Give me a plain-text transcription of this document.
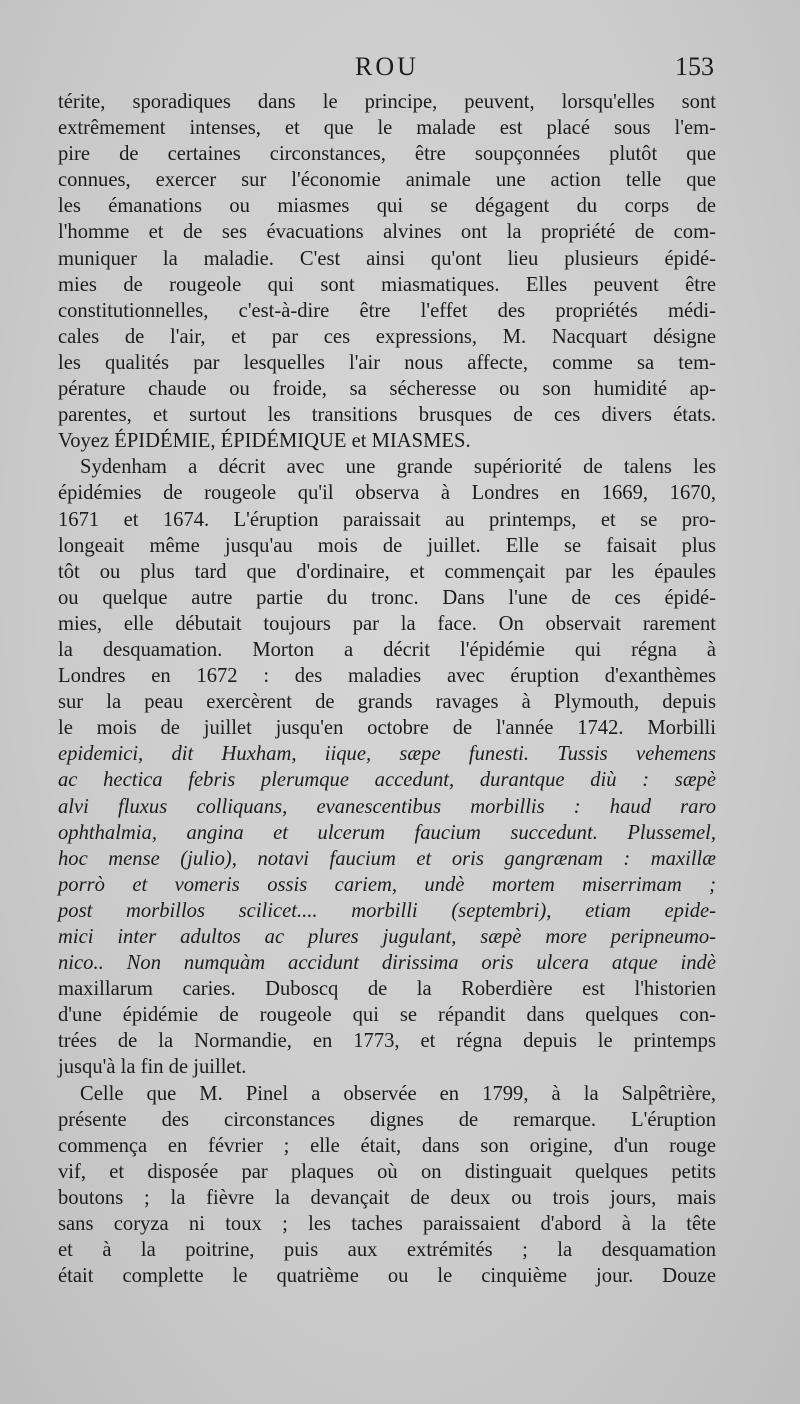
ROU	153
térite, sporadiques dans le principe, peuvent, lorsqu'elles sont
extrêmement intenses, et que le malade est placé sous l'em-
pire de certaines circonstances, être soupçonnées plutôt que
connues, exercer sur l'économie animale une action telle que
les émanations ou miasmes qui se dégagent du corps de
l'homme et de ses évacuations alvines ont la propriété de com-
muniquer la maladie. C'est ainsi qu'ont lieu plusieurs épidé-
mies de rougeole qui sont miasmatiques. Elles peuvent être
constitutionnelles, c'est-à-dire être l'effet des propriétés médi-
cales de l'air, et par ces expressions, M. Nacquart désigne
les qualités par lesquelles l'air nous affecte, comme sa tem-
pérature chaude ou froide, sa sécheresse ou son humidité ap-
parentes, et surtout les transitions brusques de ces divers états.
Voyez ÉPIDÉMIE, ÉPIDÉMIQUE et MIASMES.
Sydenham a décrit avec une grande supériorité de talens les
épidémies de rougeole qu'il observa à Londres en 1669, 1670,
1671 et 1674. L'éruption paraissait au printemps, et se pro-
longeait même jusqu'au mois de juillet. Elle se faisait plus
tôt ou plus tard que d'ordinaire, et commençait par les épaules
ou quelque autre partie du tronc. Dans l'une de ces épidé-
mies, elle débutait toujours par la face. On observait rarement
la desquamation. Morton a décrit l'épidémie qui régna à
Londres en 1672 : des maladies avec éruption d'exanthèmes
sur la peau exercèrent de grands ravages à Plymouth, depuis
le mois de juillet jusqu'en octobre de l'année 1742. Morbilli
epidemici, dit Huxham, iique, sæpe funesti. Tussis vehemens
ac hectica febris plerumque accedunt, durantque diù : sæpè
alvi fluxus colliquans, evanescentibus morbillis : haud raro
ophthalmia, angina et ulcerum faucium succedunt. Plussemel,
hoc mense (julio), notavi faucium et oris gangrænam : maxillæ
porrò et vomeris ossis cariem, undè mortem miserrimam ;
post morbillos scilicet.... morbilli (septembri), etiam epide-
mici inter adultos ac plures jugulant, sæpè more peripneumo-
nico.. Non numquàm accidunt dirissima oris ulcera atque indè
maxillarum caries. Duboscq de la Roberdière est l'historien
d'une épidémie de rougeole qui se répandit dans quelques con-
trées de la Normandie, en 1773, et régna depuis le printemps
jusqu'à la fin de juillet.
Celle que M. Pinel a observée en 1799, à la Salpêtrière,
présente des circonstances dignes de remarque. L'éruption
commença en février ; elle était, dans son origine, d'un rouge
vif, et disposée par plaques où on distinguait quelques petits
boutons ; la fièvre la devançait de deux ou trois jours, mais
sans coryza ni toux ; les taches paraissaient d'abord à la tête
et à la poitrine, puis aux extrémités ; la desquamation
était complette le quatrième ou le cinquième jour. Douze
